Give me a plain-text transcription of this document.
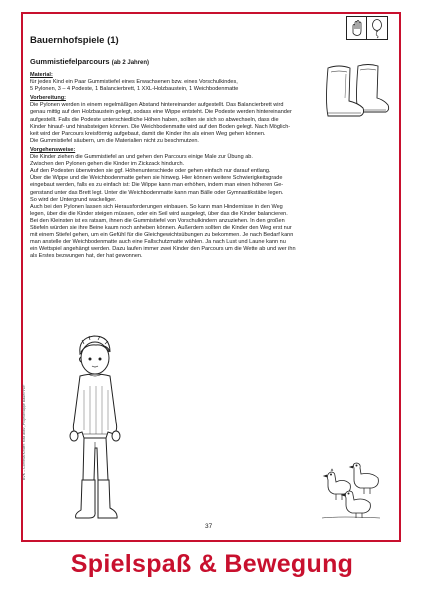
Bauernhofspiele (1)
Gummistiefelparcours (ab 2 Jahren)
Material:
für jedes Kind ein Paar Gummistiefel eines Erwachsenen bzw. eines Vorschulkindes,
5 Pylonen, 3 – 4 Podeste, 1 Balancierbrett, 1 XXL-Holzbaustein, 1 Weichbodenmatte
Vorbereitung:
Die Pylonen werden in einem regelmäßigen Abstand hintereinander aufgestellt. Das Balancierbrett wird
genau mittig auf den Holzbaustein gelegt, sodass eine Wippe entsteht. Die Podeste werden hintereinander
aufgestellt. Falls die Podeste unterschiedliche Höhen haben, sollten sie sich so abwechseln, dass die
Kinder hinauf- und hinabsteigen können. Die Weichbodenmatte wird auf den Boden gelegt. Nach Möglich-
keit wird der Parcours kreisförmig aufgebaut, damit die Kinder ihn als einen Weg gehen können.
Die Gummistiefel säubern, um die Materialien nicht zu beschmutzen.
Vorgehensweise:
Die Kinder ziehen die Gummistiefel an und gehen den Parcours einige Male zur Übung ab.
Zwischen den Pylonen gehen die Kinder im Zickzack hindurch.
Auf den Podesten überwinden sie ggf. Höhenunterschiede oder gehen einfach nur darauf entlang.
Über die Wippe und die Weichbodenmatte gehen sie hinweg. Hier können weitere Schwierigkeitsgrade
eingebaut werden, falls es zu einfach ist: Die Wippe kann man erhöhen, indem man einen höheren Ge-
genstand unter das Brett legt. Unter die Weichbodenmatte kann man Bälle oder Gymnastikstäbe legen.
So wird der Untergrund wackeliger.
Auch bei den Pylonen lassen sich Herausforderungen einbauen. So kann man Hindernisse in den Weg
legen, über die die Kinder steigen müssen, oder ein Seil wird ausgelegt, über das die Kinder balancieren.
Bei den Kleinsten ist es ratsam, ihnen die Gummistiefel von Vorschulkindern anzuziehen. In den großen
Stiefeln würden sie ihre Beine kaum noch anheben können. Außerdem sollten die Kinder den Weg erst nur
mit einem Stiefel gehen, um ein Gefühl für die Gleichgewichtsübungen zu bekommen. Je nach Bedarf kann
man anstelle der Weichbodenmatte auch eine Fallschutzmatte wählen. Ja nach Lust und Laune kann nu
ein Wettspiel angehängt werden. Dazu laufen immer zwei Kinder den Parcours um die Wette ab und wer ihn
als Erstes bezwungen hat, der hat gewonnen.
BVK – Cornelia Kinder: Kita aktiv „Projektmappe Bauernhof"
37
Spielspaß & Bewegung
